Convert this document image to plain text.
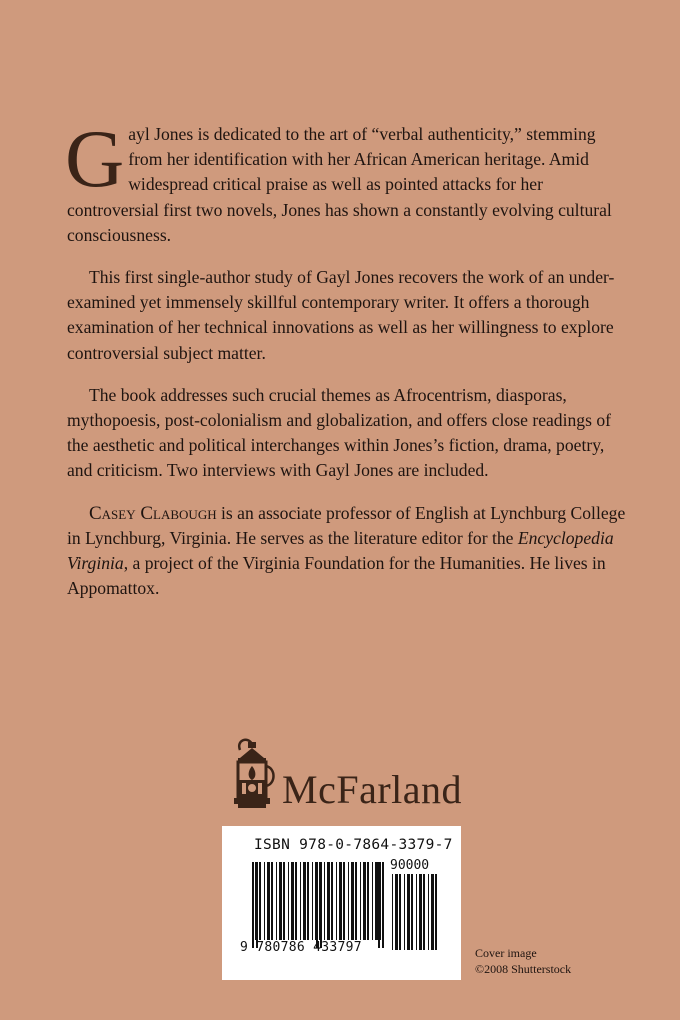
Gayl Jones is dedicated to the art of “verbal authenticity,” stemming from her identification with her African American heritage. Amid widespread critical praise as well as pointed attacks for her controversial first two novels, Jones has shown a constantly evolving cultural consciousness.

This first single-author study of Gayl Jones recovers the work of an under-examined yet immensely skillful contemporary writer. It offers a thorough examination of her technical innovations as well as her willingness to explore controversial subject matter.

The book addresses such crucial themes as Afrocentrism, diasporas, mythopoesis, post-colonialism and globalization, and offers close readings of the aesthetic and political interchanges within Jones’s fiction, drama, poetry, and criticism. Two interviews with Gayl Jones are included.

Casey Clabough is an associate professor of English at Lynchburg College in Lynchburg, Virginia. He serves as the literature editor for the Encyclopedia Virginia, a project of the Virginia Foundation for the Humanities. He lives in Appomattox.

McFarland
ISBN 978-0-7864-3379-7
90000
9 780786 433797	Cover image
©2008 Shutterstock
